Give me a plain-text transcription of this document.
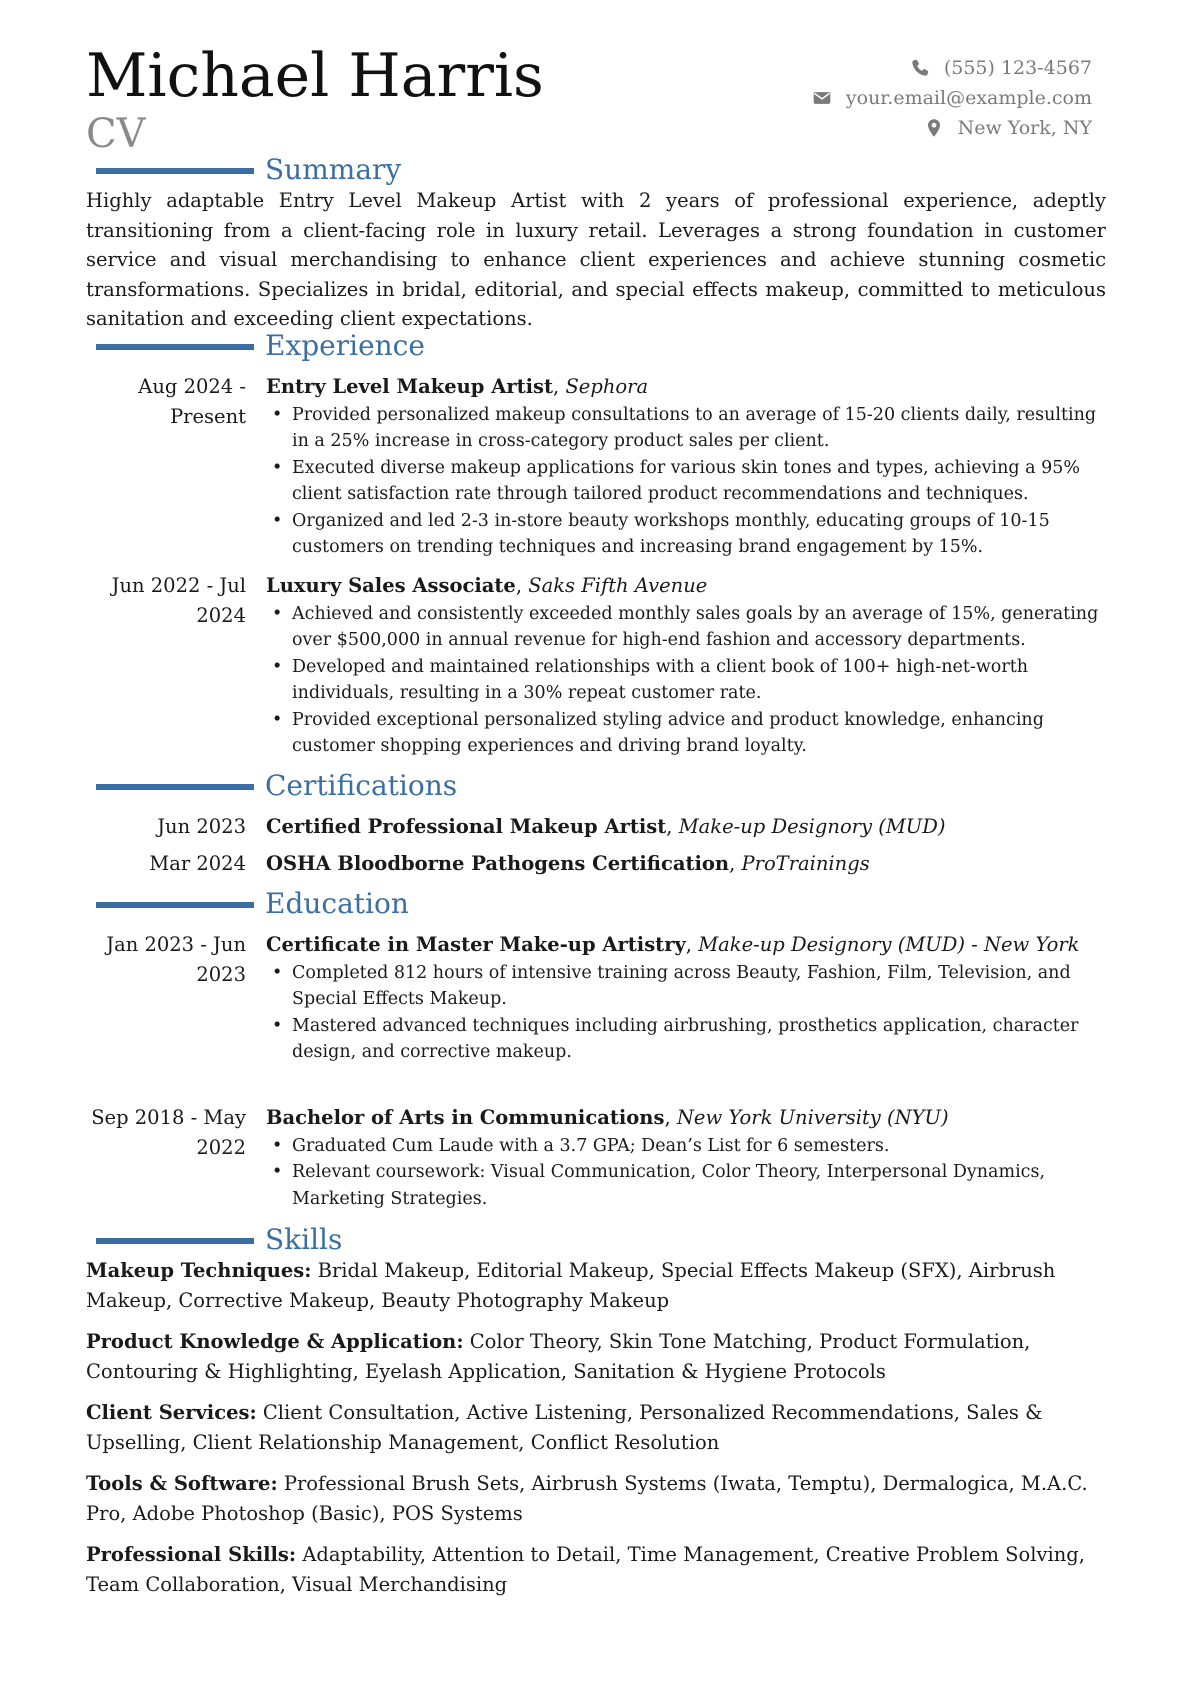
Michael Harris
CV
(555) 123-4567
your.email@example.com
New York, NY
Summary
Highly adaptable Entry Level Makeup Artist with 2 years of professional experience, adeptly transitioning from a client-facing role in luxury retail. Leverages a strong foundation in customer service and visual merchandising to enhance client experiences and achieve stunning cosmetic transformations. Specializes in bridal, editorial, and special effects makeup, committed to meticulous sanitation and exceeding client expectations.
Experience
Aug 2024 -
Present
Entry Level Makeup Artist, Sephora
• Provided personalized makeup consultations to an average of 15-20 clients daily, resulting in a 25% increase in cross-category product sales per client.
• Executed diverse makeup applications for various skin tones and types, achieving a 95% client satisfaction rate through tailored product recommendations and techniques.
• Organized and led 2-3 in-store beauty workshops monthly, educating groups of 10-15 customers on trending techniques and increasing brand engagement by 15%.
Jun 2022 - Jul
2024
Luxury Sales Associate, Saks Fifth Avenue
• Achieved and consistently exceeded monthly sales goals by an average of 15%, generating over $500,000 in annual revenue for high-end fashion and accessory departments.
• Developed and maintained relationships with a client book of 100+ high-net-worth individuals, resulting in a 30% repeat customer rate.
• Provided exceptional personalized styling advice and product knowledge, enhancing customer shopping experiences and driving brand loyalty.
Certifications
Jun 2023 Certified Professional Makeup Artist, Make-up Designory (MUD)
Mar 2024 OSHA Bloodborne Pathogens Certification, ProTrainings
Education
Jan 2023 - Jun
2023
Certificate in Master Make-up Artistry, Make-up Designory (MUD) - New York
• Completed 812 hours of intensive training across Beauty, Fashion, Film, Television, and Special Effects Makeup.
• Mastered advanced techniques including airbrushing, prosthetics application, character design, and corrective makeup.
Sep 2018 - May
2022
Bachelor of Arts in Communications, New York University (NYU)
• Graduated Cum Laude with a 3.7 GPA; Dean’s List for 6 semesters.
• Relevant coursework: Visual Communication, Color Theory, Interpersonal Dynamics, Marketing Strategies.
Skills
Makeup Techniques: Bridal Makeup, Editorial Makeup, Special Effects Makeup (SFX), Airbrush Makeup, Corrective Makeup, Beauty Photography Makeup
Product Knowledge & Application: Color Theory, Skin Tone Matching, Product Formulation, Contouring & Highlighting, Eyelash Application, Sanitation & Hygiene Protocols
Client Services: Client Consultation, Active Listening, Personalized Recommendations, Sales & Upselling, Client Relationship Management, Conflict Resolution
Tools & Software: Professional Brush Sets, Airbrush Systems (Iwata, Temptu), Dermalogica, M.A.C. Pro, Adobe Photoshop (Basic), POS Systems
Professional Skills: Adaptability, Attention to Detail, Time Management, Creative Problem Solving, Team Collaboration, Visual Merchandising
